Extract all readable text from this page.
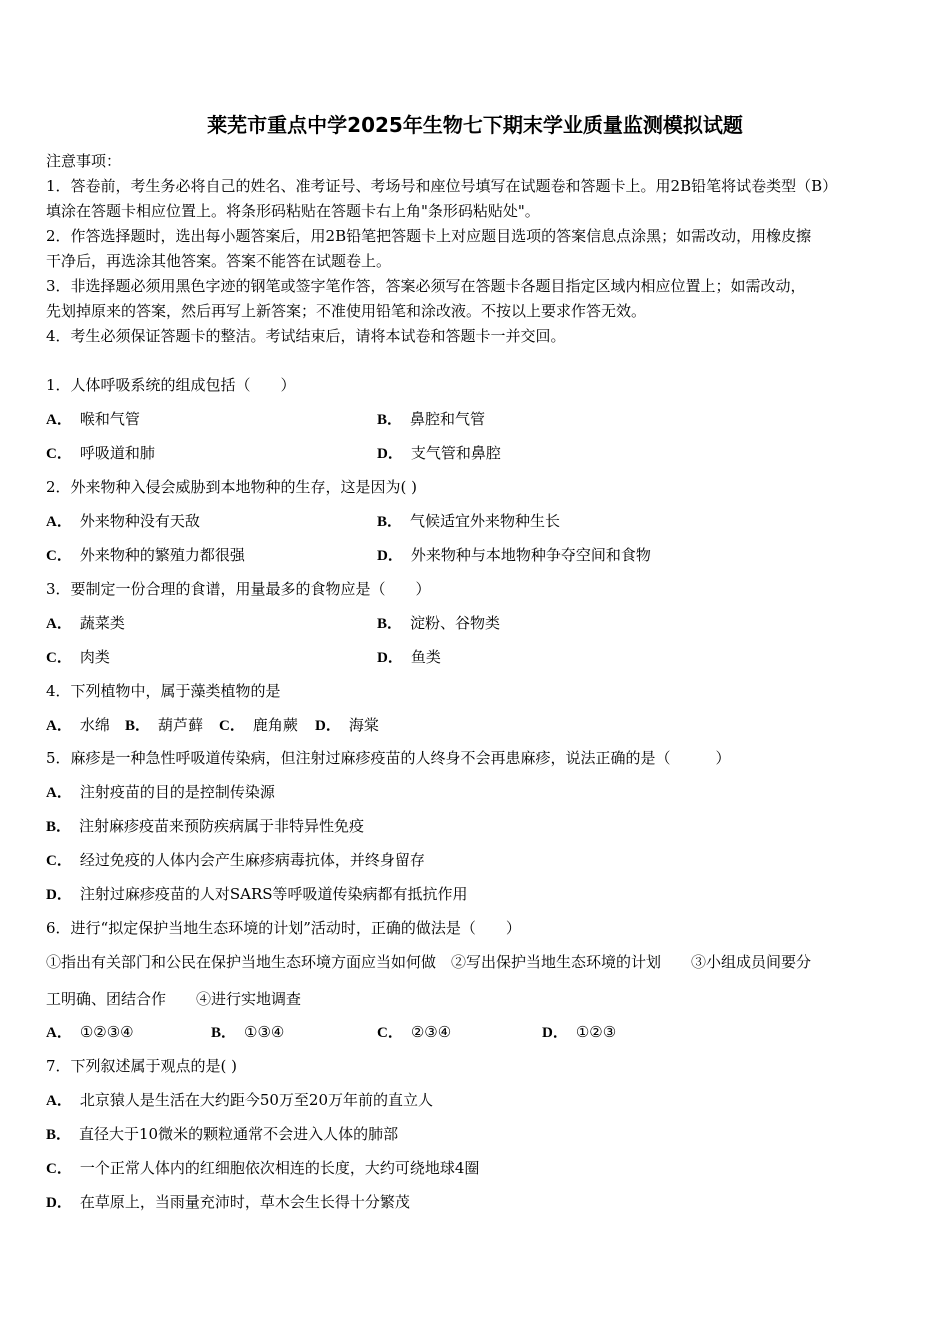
莱芜市重点中学2025年生物七下期末学业质量监测模拟试题
注意事项：
1．答卷前，考生务必将自己的姓名、准考证号、考场号和座位号填写在试题卷和答题卡上。用2B铅笔将试卷类型（B）
填涂在答题卡相应位置上。将条形码粘贴在答题卡右上角"条形码粘贴处"。
2．作答选择题时，选出每小题答案后，用2B铅笔把答题卡上对应题目选项的答案信息点涂黑；如需改动，用橡皮擦
干净后，再选涂其他答案。答案不能答在试题卷上。
3．非选择题必须用黑色字迹的钢笔或签字笔作答，答案必须写在答题卡各题目指定区域内相应位置上；如需改动，
先划掉原来的答案，然后再写上新答案；不准使用铅笔和涂改液。不按以上要求作答无效。
4．考生必须保证答题卡的整洁。考试结束后，请将本试卷和答题卡一并交回。
1．人体呼吸系统的组成包括（　　）
A． 喉和气管	B． 鼻腔和气管
C． 呼吸道和肺	D． 支气管和鼻腔
2．外来物种入侵会威胁到本地物种的生存，这是因为( )
A． 外来物种没有天敌	B． 气候适宜外来物种生长
C． 外来物种的繁殖力都很强	D． 外来物种与本地物种争夺空间和食物
3．要制定一份合理的食谱，用量最多的食物应是（　　）
A． 蔬菜类	B． 淀粉、谷物类
C． 肉类	D． 鱼类
4．下列植物中，属于藻类植物的是
A． 水绵 B． 葫芦藓 C． 鹿角蕨 D． 海棠
5．麻疹是一种急性呼吸道传染病，但注射过麻疹疫苗的人终身不会再患麻疹，说法正确的是（　　　）
A． 注射疫苗的目的是控制传染源
B． 注射麻疹疫苗来预防疾病属于非特异性免疫
C． 经过免疫的人体内会产生麻疹病毒抗体，并终身留存
D． 注射过麻疹疫苗的人对SARS等呼吸道传染病都有抵抗作用
6．进行“拟定保护当地生态环境的计划”活动时，正确的做法是（　　）
①指出有关部门和公民在保护当地生态环境方面应当如何做　②写出保护当地生态环境的计划　　③小组成员间要分
工明确、团结合作　　④进行实地调查
A． ①②③④	B． ①③④	C． ②③④	D． ①②③
7．下列叙述属于观点的是( )
A． 北京猿人是生活在大约距今50万至20万年前的直立人
B． 直径大于10微米的颗粒通常不会进入人体的肺部
C． 一个正常人体内的红细胞依次相连的长度，大约可绕地球4圈
D． 在草原上，当雨量充沛时，草木会生长得十分繁茂
